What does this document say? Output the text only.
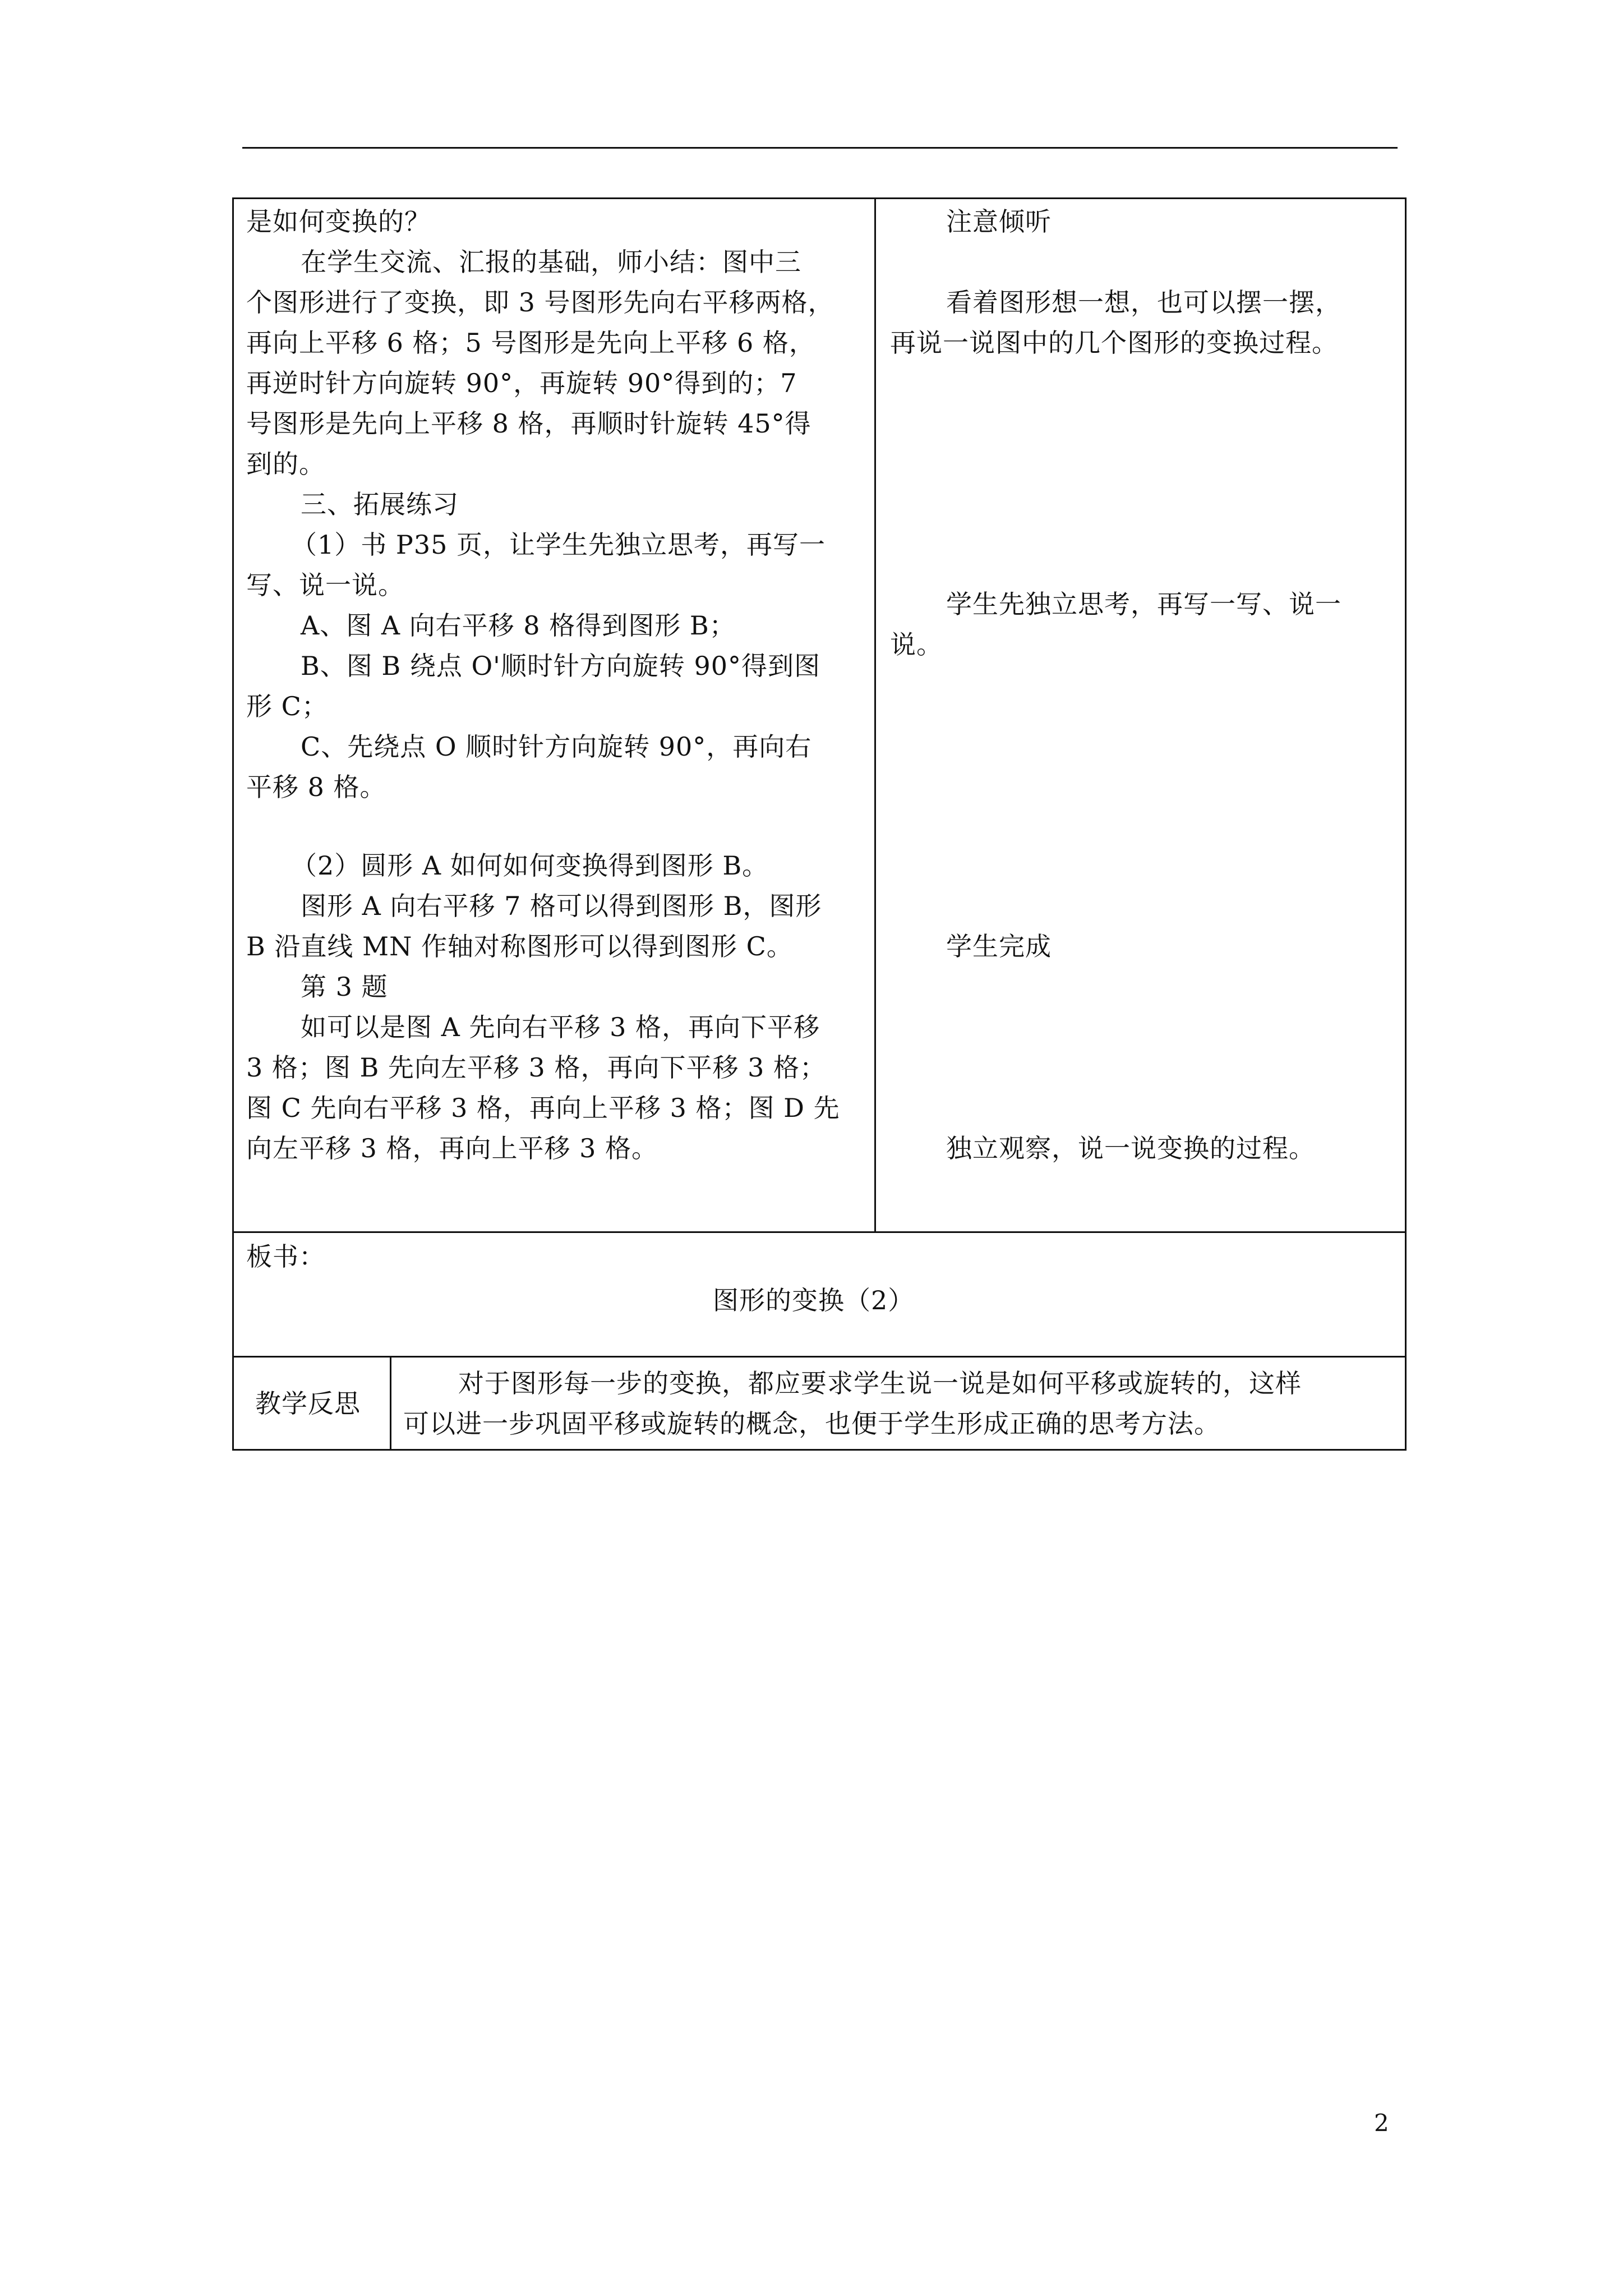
是如何变换的？
在学生交流、汇报的基础，师小结：图中三
个图形进行了变换，即 3 号图形先向右平移两格，
再向上平移 6 格；5 号图形是先向上平移 6 格，
再逆时针方向旋转 90°，再旋转 90°得到的；7
号图形是先向上平移 8 格，再顺时针旋转 45°得
到的。
三、拓展练习
（1）书 P35 页，让学生先独立思考，再写一
写、说一说。
A、图 A 向右平移 8 格得到图形 B；
B、图 B 绕点 O'顺时针方向旋转 90°得到图
形 C；
C、先绕点 O 顺时针方向旋转 90°，再向右
平移 8 格。
（2）圆形 A 如何如何变换得到图形 B。
图形 A 向右平移 7 格可以得到图形 B，图形
B 沿直线 MN 作轴对称图形可以得到图形 C。
第 3 题
如可以是图 A 先向右平移 3 格，再向下平移
3 格；图 B 先向左平移 3 格，再向下平移 3 格；
图 C 先向右平移 3 格，再向上平移 3 格；图 D 先
向左平移 3 格，再向上平移 3 格。
注意倾听
看着图形想一想，也可以摆一摆，
再说一说图中的几个图形的变换过程。
学生先独立思考，再写一写、说一
说。
学生完成
独立观察，说一说变换的过程。
板书：
图形的变换（2）
教学反思
对于图形每一步的变换，都应要求学生说一说是如何平移或旋转的，这样
可以进一步巩固平移或旋转的概念，也便于学生形成正确的思考方法。
2
